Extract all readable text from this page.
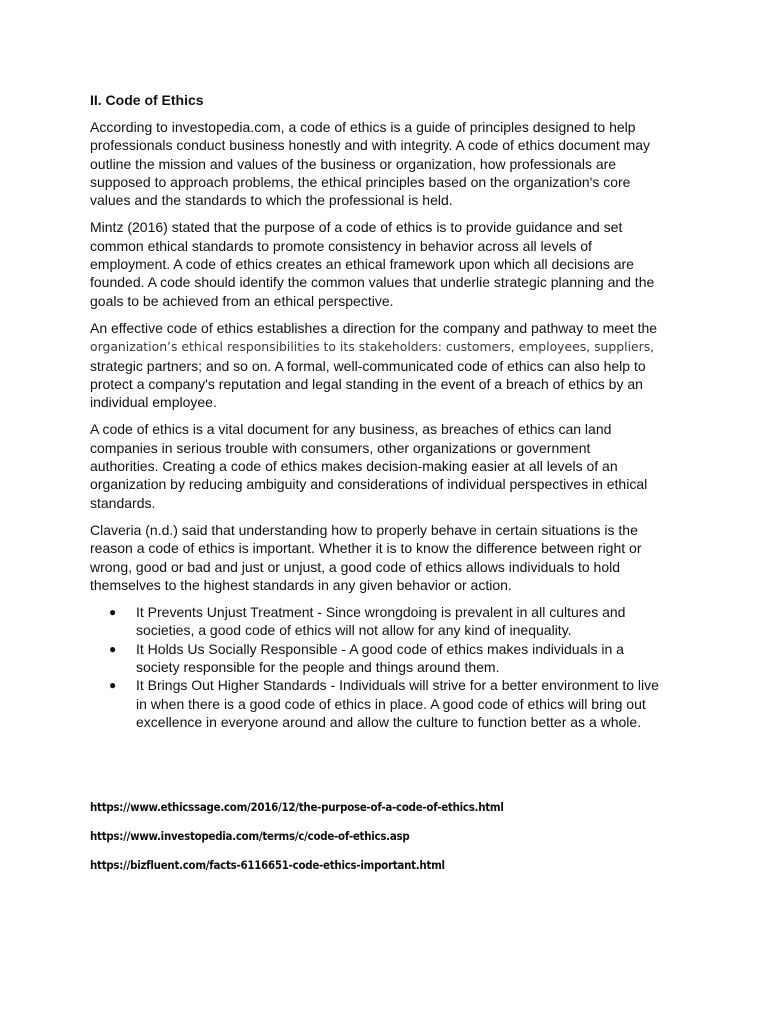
II. Code of Ethics

According to investopedia.com, a code of ethics is a guide of principles designed to help professionals conduct business honestly and with integrity. A code of ethics document may outline the mission and values of the business or organization, how professionals are supposed to approach problems, the ethical principles based on the organization's core values and the standards to which the professional is held.

Mintz (2016) stated that the purpose of a code of ethics is to provide guidance and set common ethical standards to promote consistency in behavior across all levels of employment. A code of ethics creates an ethical framework upon which all decisions are founded. A code should identify the common values that underlie strategic planning and the goals to be achieved from an ethical perspective.

An effective code of ethics establishes a direction for the company and pathway to meet the organization’s ethical responsibilities to its stakeholders: customers, employees, suppliers, strategic partners; and so on. A formal, well-communicated code of ethics can also help to protect a company's reputation and legal standing in the event of a breach of ethics by an individual employee.

A code of ethics is a vital document for any business, as breaches of ethics can land companies in serious trouble with consumers, other organizations or government authorities. Creating a code of ethics makes decision-making easier at all levels of an organization by reducing ambiguity and considerations of individual perspectives in ethical standards.

Claveria (n.d.) said that understanding how to properly behave in certain situations is the reason a code of ethics is important. Whether it is to know the difference between right or wrong, good or bad and just or unjust, a good code of ethics allows individuals to hold themselves to the highest standards in any given behavior or action.

● It Prevents Unjust Treatment - Since wrongdoing is prevalent in all cultures and societies, a good code of ethics will not allow for any kind of inequality.
● It Holds Us Socially Responsible - A good code of ethics makes individuals in a society responsible for the people and things around them.
● It Brings Out Higher Standards - Individuals will strive for a better environment to live in when there is a good code of ethics in place. A good code of ethics will bring out excellence in everyone around and allow the culture to function better as a whole.
https://www.ethicssage.com/2016/12/the-purpose-of-a-code-of-ethics.html
https://www.investopedia.com/terms/c/code-of-ethics.asp
https://bizfluent.com/facts-6116651-code-ethics-important.html
